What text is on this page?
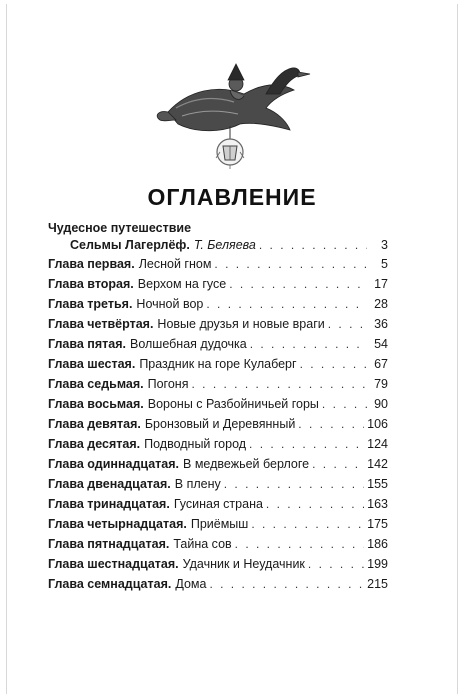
ОГЛАВЛЕНИЕ
Чудесное путешествие
Сельмы Лагерлёф. Т. Беляева . . .	3
Глава первая. Лесной гном . . .	5
Глава вторая. Верхом на гусе . . .	17
Глава третья. Ночной вор . . .	28
Глава четвёртая. Новые друзья и новые враги . . .	36
Глава пятая. Волшебная дудочка . . .	54
Глава шестая. Праздник на горе Кулаберг . . .	67
Глава седьмая. Погоня . . .	79
Глава восьмая. Вороны с Разбойничьей горы . . .	90
Глава девятая. Бронзовый и Деревянный . . .	106
Глава десятая. Подводный город . . .	124
Глава одиннадцатая. В медвежьей берлоге . . .	142
Глава двенадцатая. В плену . . .	155
Глава тринадцатая. Гусиная страна . . .	163
Глава четырнадцатая. Приёмыш . . .	175
Глава пятнадцатая. Тайна сов . . .	186
Глава шестнадцатая. Удачник и Неудачник . . .	199
Глава семнадцатая. Дома . . .	215
